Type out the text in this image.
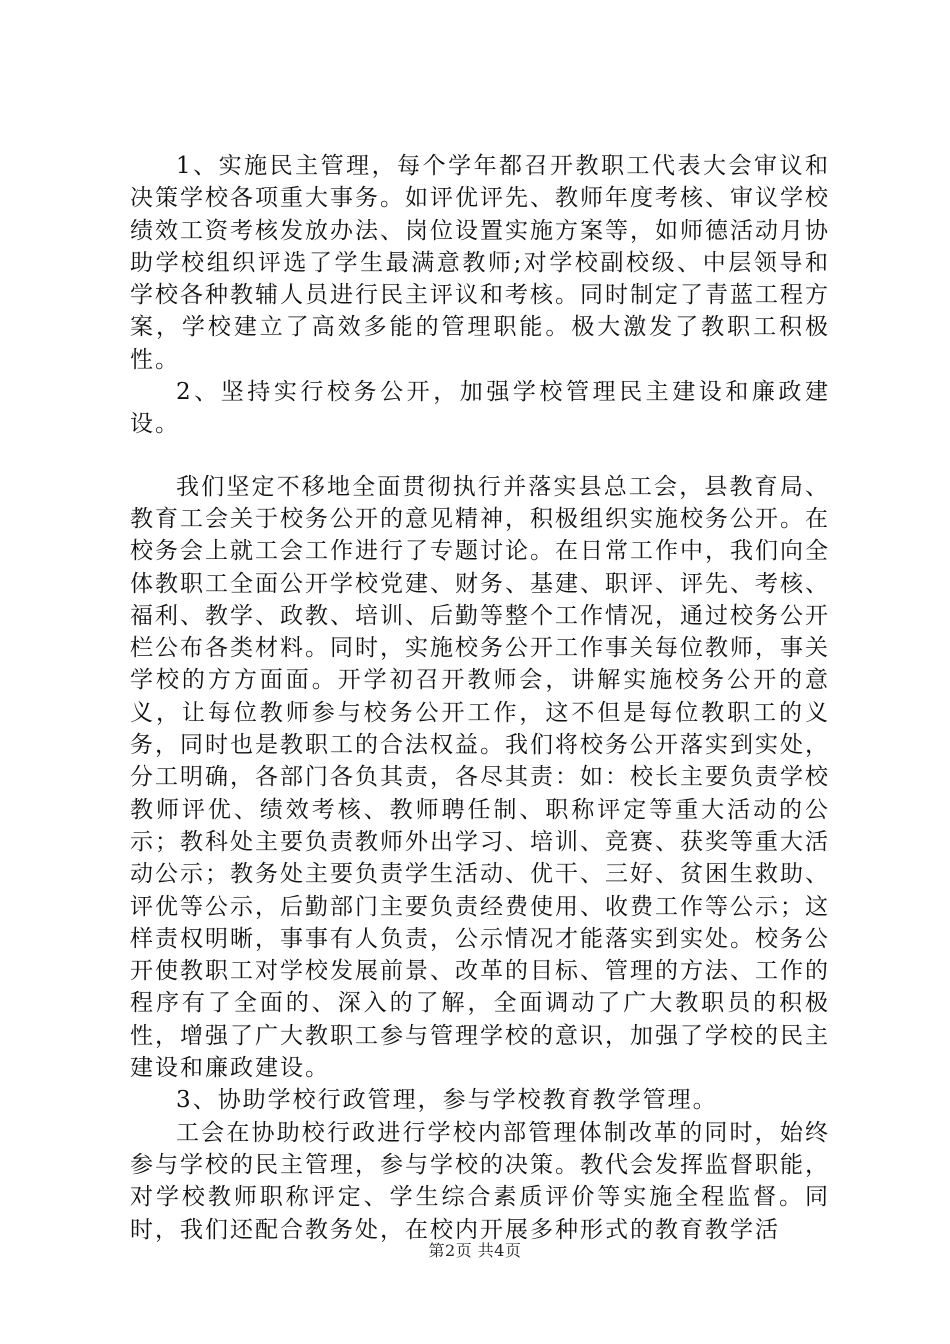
1、实施民主管理，每个学年都召开教职工代表大会审议和决策学校各项重大事务。如评优评先、教师年度考核、审议学校绩效工资考核发放办法、岗位设置实施方案等，如师德活动月协助学校组织评选了学生最满意教师;对学校副校级、中层领导和学校各种教辅人员进行民主评议和考核。同时制定了青蓝工程方案，学校建立了高效多能的管理职能。极大激发了教职工积极性。

2、坚持实行校务公开，加强学校管理民主建设和廉政建设。

我们坚定不移地全面贯彻执行并落实县总工会，县教育局、教育工会关于校务公开的意见精神，积极组织实施校务公开。在校务会上就工会工作进行了专题讨论。在日常工作中，我们向全体教职工全面公开学校党建、财务、基建、职评、评先、考核、福利、教学、政教、培训、后勤等整个工作情况，通过校务公开栏公布各类材料。同时，实施校务公开工作事关每位教师，事关学校的方方面面。开学初召开教师会，讲解实施校务公开的意义，让每位教师参与校务公开工作，这不但是每位教职工的义务，同时也是教职工的合法权益。我们将校务公开落实到实处，分工明确，各部门各负其责，各尽其责：如：校长主要负责学校教师评优、绩效考核、教师聘任制、职称评定等重大活动的公示；教科处主要负责教师外出学习、培训、竞赛、获奖等重大活动公示；教务处主要负责学生活动、优干、三好、贫困生救助、评优等公示，后勤部门主要负责经费使用、收费工作等公示；这样责权明晰，事事有人负责，公示情况才能落实到实处。校务公开使教职工对学校发展前景、改革的目标、管理的方法、工作的程序有了全面的、深入的了解，全面调动了广大教职员的积极性，增强了广大教职工参与管理学校的意识，加强了学校的民主建设和廉政建设。

3、协助学校行政管理，参与学校教育教学管理。

工会在协助校行政进行学校内部管理体制改革的同时，始终参与学校的民主管理，参与学校的决策。教代会发挥监督职能，对学校教师职称评定、学生综合素质评价等实施全程监督。同时，我们还配合教务处，在校内开展多种形式的教育教学活

第2页 共4页
